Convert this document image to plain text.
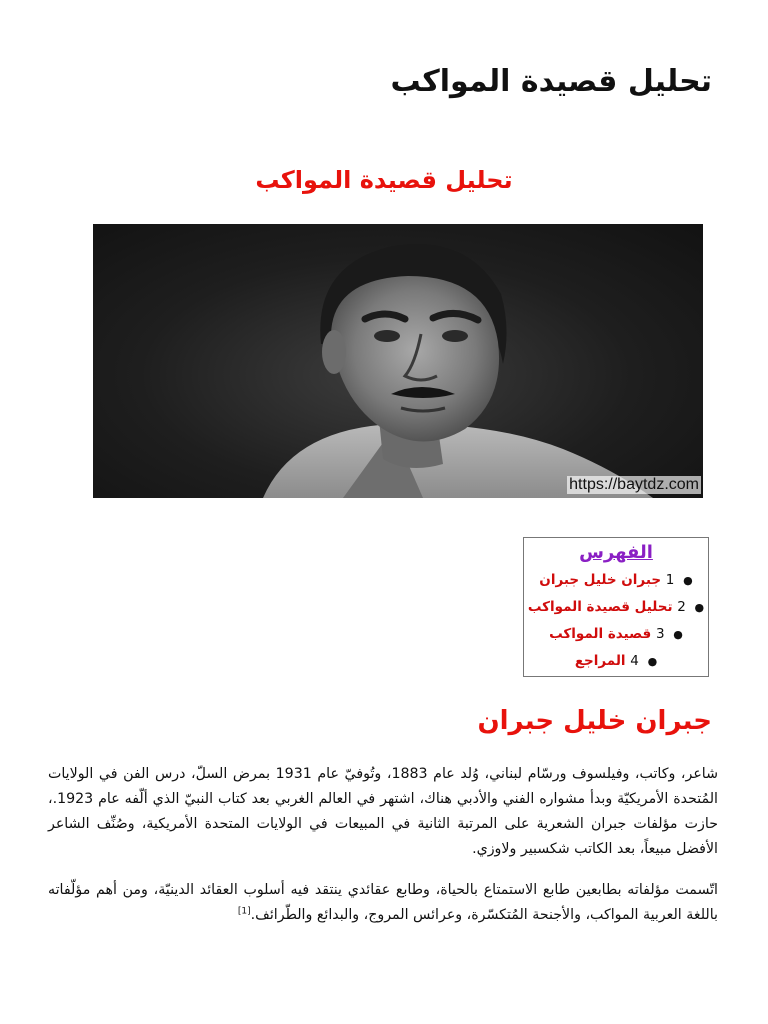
تحليل قصيدة المواكب
تحليل قصيدة المواكب
https://baytdz.com
الفهرس
● 1 جبران خليل جبران
● 2 تحليل قصيدة المواكب
● 3 قصيدة المواكب
● 4 المراجع
جبران خليل جبران

شاعر، وكاتب، وفيلسوف ورسّام لبناني، وُلد عام 1883، وتُوفيّ عام 1931 بمرض السلّ، درس الفن في الولايات المُتحدة الأمريكيّة وبدأ مشواره الفني والأدبي هناك، اشتهر في العالم الغربي بعد كتاب النبيّ الذي ألّفه عام 1923.، حازت مؤلفات جبران الشعرية على المرتبة الثانية في المبيعات في الولايات المتحدة الأمريكية، وصُنِّف الشاعر الأفضل مبيعاً، بعد الكاتب شكسبير ولاوزي.

اتّسمت مؤلفاته بطابعين طابع الاستمتاع بالحياة، وطابع عقائدي ينتقد فيه أسلوب العقائد الدينيّة، ومن أهم مؤلّفاته باللغة العربية المواكب، والأجنحة المُتكسّرة، وعرائس المروج، والبدائع والطّرائف.[1]
